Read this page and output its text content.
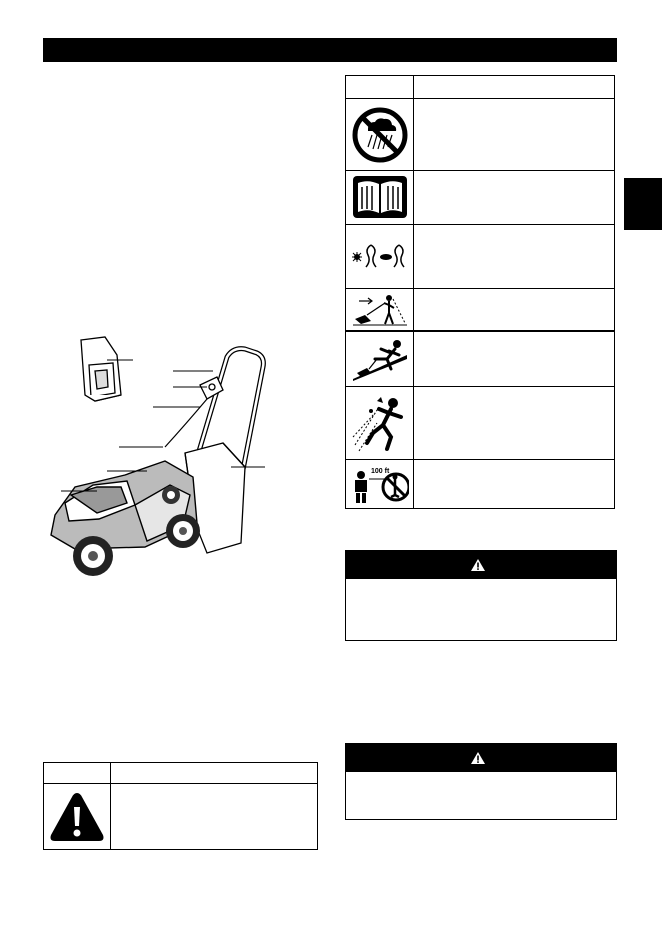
100 ft
